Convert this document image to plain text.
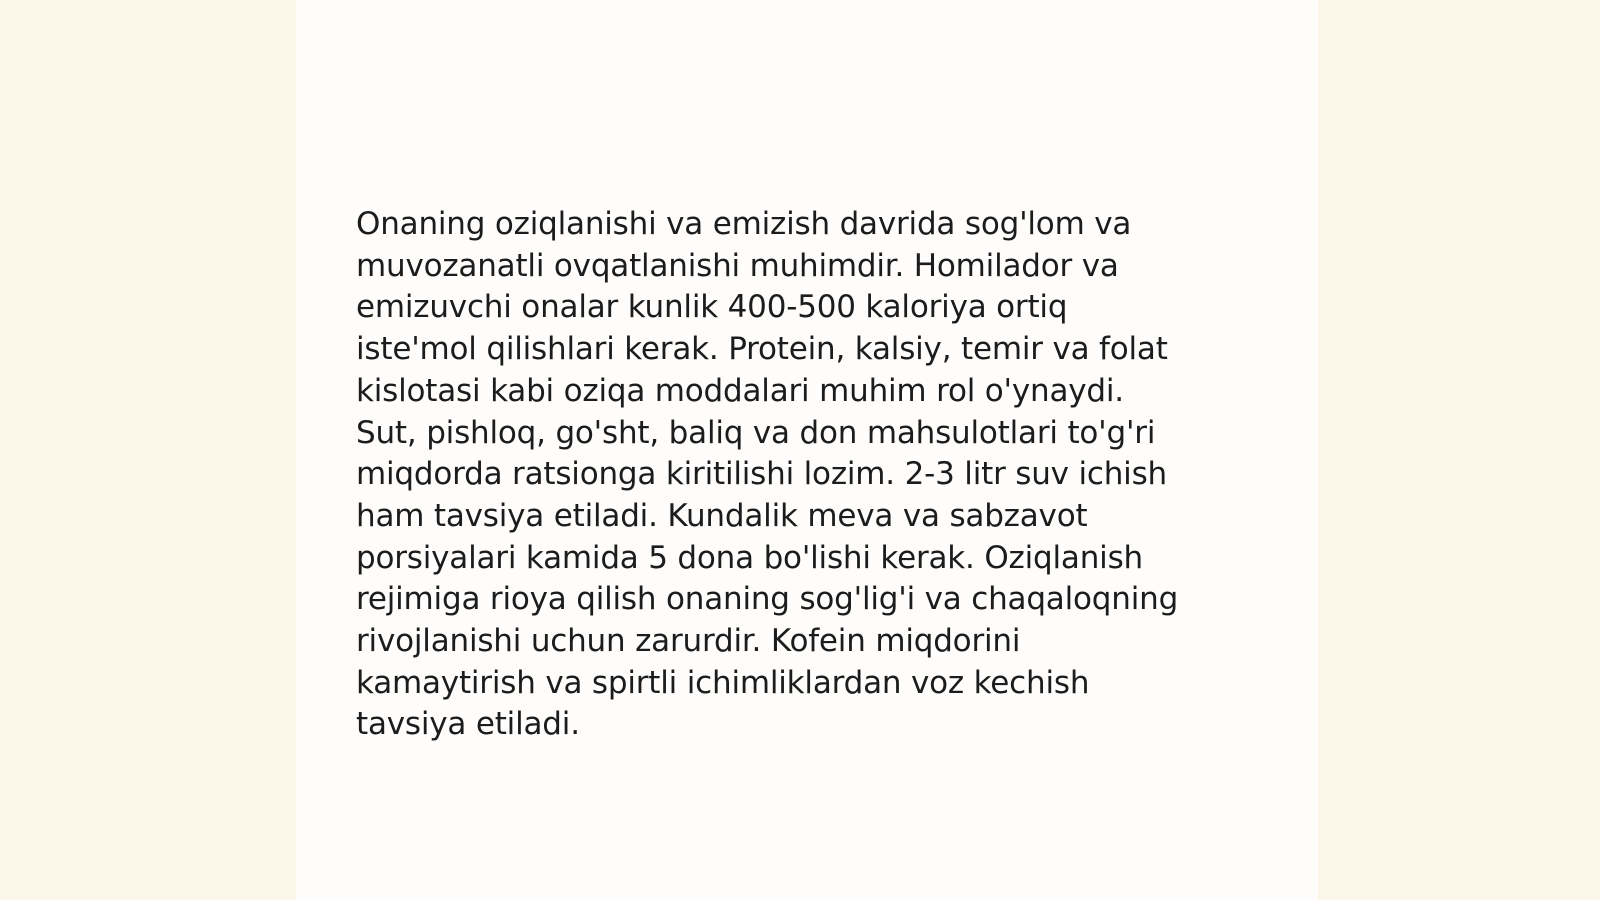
Onaning oziqlanishi va emizish davrida sog'lom va
muvozanatli ovqatlanishi muhimdir. Homilador va
emizuvchi onalar kunlik 400-500 kaloriya ortiq
iste'mol qilishlari kerak. Protein, kalsiy, temir va folat
kislotasi kabi oziqa moddalari muhim rol o'ynaydi.
Sut, pishloq, go'sht, baliq va don mahsulotlari to'g'ri
miqdorda ratsionga kiritilishi lozim. 2-3 litr suv ichish
ham tavsiya etiladi. Kundalik meva va sabzavot
porsiyalari kamida 5 dona bo'lishi kerak. Oziqlanish
rejimiga rioya qilish onaning sog'lig'i va chaqaloqning
rivojlanishi uchun zarurdir. Kofein miqdorini
kamaytirish va spirtli ichimliklardan voz kechish
tavsiya etiladi.
